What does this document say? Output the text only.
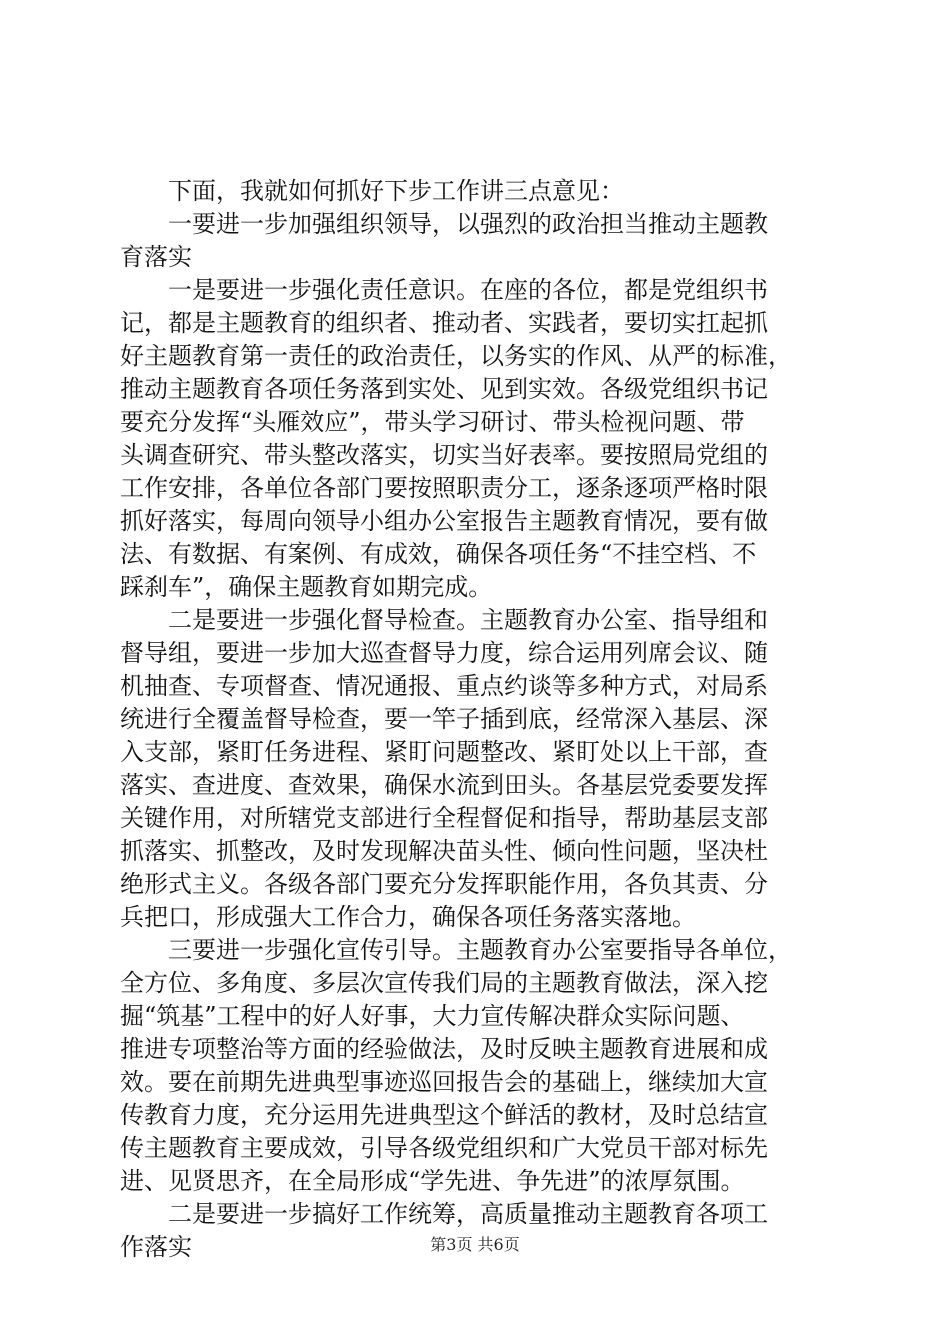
下面，我就如何抓好下步工作讲三点意见：
一要进一步加强组织领导，以强烈的政治担当推动主题教
育落实
一是要进一步强化责任意识。在座的各位，都是党组织书
记，都是主题教育的组织者、推动者、实践者，要切实扛起抓
好主题教育第一责任的政治责任，以务实的作风、从严的标准，
推动主题教育各项任务落到实处、见到实效。各级党组织书记
要充分发挥“头雁效应”，带头学习研讨、带头检视问题、带
头调查研究、带头整改落实，切实当好表率。要按照局党组的
工作安排，各单位各部门要按照职责分工，逐条逐项严格时限
抓好落实，每周向领导小组办公室报告主题教育情况，要有做
法、有数据、有案例、有成效，确保各项任务“不挂空档、不
踩刹车”，确保主题教育如期完成。
二是要进一步强化督导检查。主题教育办公室、指导组和
督导组，要进一步加大巡查督导力度，综合运用列席会议、随
机抽查、专项督查、情况通报、重点约谈等多种方式，对局系
统进行全覆盖督导检查，要一竿子插到底，经常深入基层、深
入支部，紧盯任务进程、紧盯问题整改、紧盯处以上干部，查
落实、查进度、查效果，确保水流到田头。各基层党委要发挥
关键作用，对所辖党支部进行全程督促和指导，帮助基层支部
抓落实、抓整改，及时发现解决苗头性、倾向性问题，坚决杜
绝形式主义。各级各部门要充分发挥职能作用，各负其责、分
兵把口，形成强大工作合力，确保各项任务落实落地。
三要进一步强化宣传引导。主题教育办公室要指导各单位，
全方位、多角度、多层次宣传我们局的主题教育做法，深入挖
掘“筑基”工程中的好人好事，大力宣传解决群众实际问题、
推进专项整治等方面的经验做法，及时反映主题教育进展和成
效。要在前期先进典型事迹巡回报告会的基础上，继续加大宣
传教育力度，充分运用先进典型这个鲜活的教材，及时总结宣
传主题教育主要成效，引导各级党组织和广大党员干部对标先
进、见贤思齐，在全局形成“学先进、争先进”的浓厚氛围。
二是要进一步搞好工作统筹，高质量推动主题教育各项工
作落实	第3页 共6页
